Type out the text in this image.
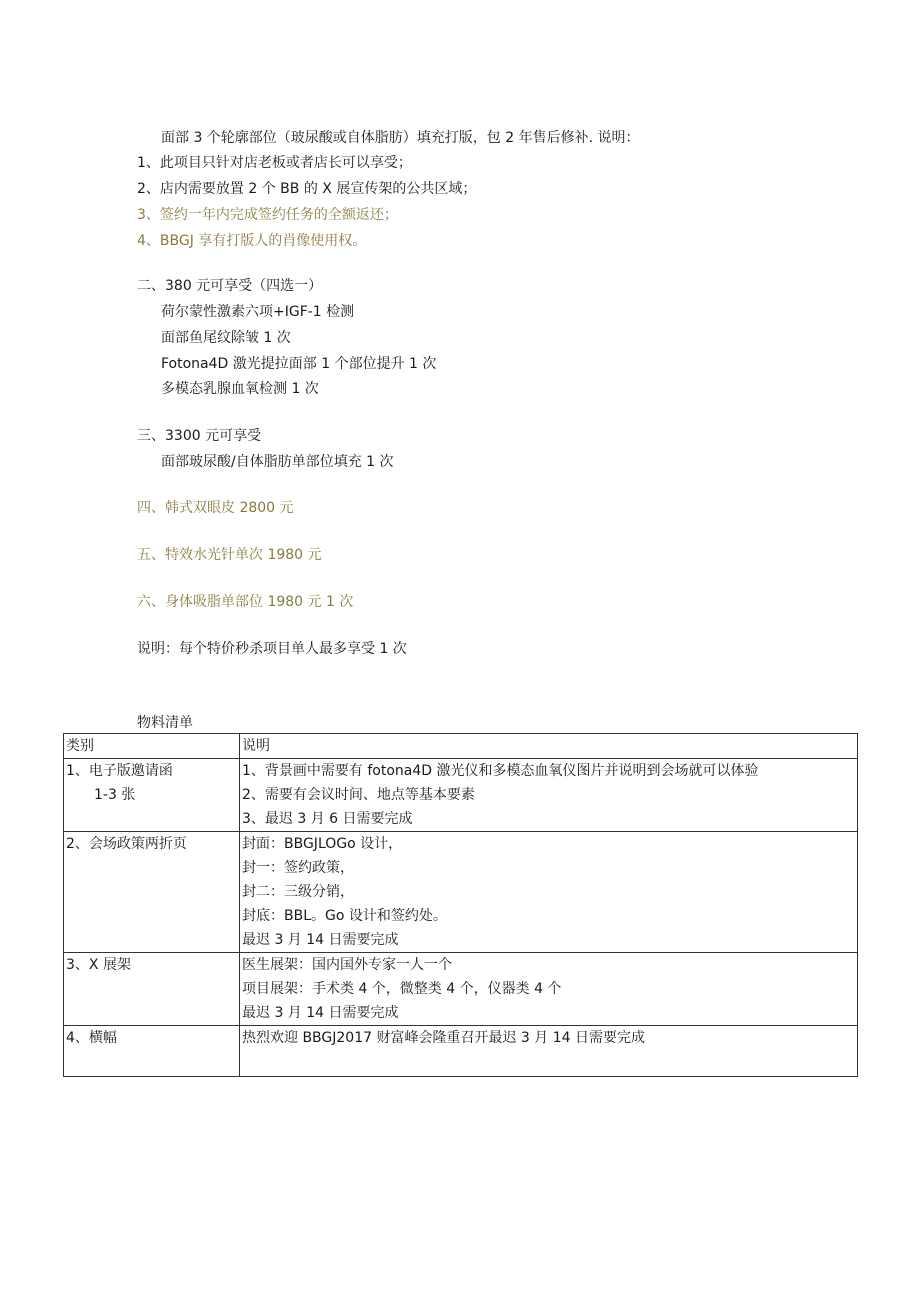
面部 3 个轮廓部位（玻尿酸或自体脂肪）填充打版，包 2 年售后修补. 说明：
1、此项目只针对店老板或者店长可以享受；
2、店内需要放置 2 个 BB 的 X 展宣传架的公共区域；
3、签约一年内完成签约任务的全额返还；
4、BBGJ 享有打版人的肖像使用权。
二、380 元可享受（四选一）
荷尔蒙性激素六项+IGF-1 检测
面部鱼尾纹除皱 1 次
Fotona4D 激光提拉面部 1 个部位提升 1 次
多模态乳腺血氧检测 1 次
三、3300 元可享受
面部玻尿酸/自体脂肪单部位填充 1 次
四、韩式双眼皮 2800 元
五、特效水光针单次 1980 元
六、身体吸脂单部位 1980 元 1 次
说明：每个特价秒杀项目单人最多享受 1 次
物料清单
类别	说明

1、电子版邀请函
1-3 张	1、背景画中需要有 fotona4D 激光仪和多模态血氧仪图片并说明到会场就可以体验
2、需要有会议时间、地点等基本要素
3、最迟 3 月 6 日需要完成

2、会场政策两折页	封面：BBGJLOGo 设计，
封一：签约政策，
封二：三级分销，
封底：BBL。Go 设计和签约处。
最迟 3 月 14 日需要完成

3、X 展架	医生展架：国内国外专家一人一个
项目展架：手术类 4 个，微整类 4 个，仪器类 4 个
最迟 3 月 14 日需要完成

4、横幅	热烈欢迎 BBGJ2017 财富峰会隆重召开最迟 3 月 14 日需要完成
